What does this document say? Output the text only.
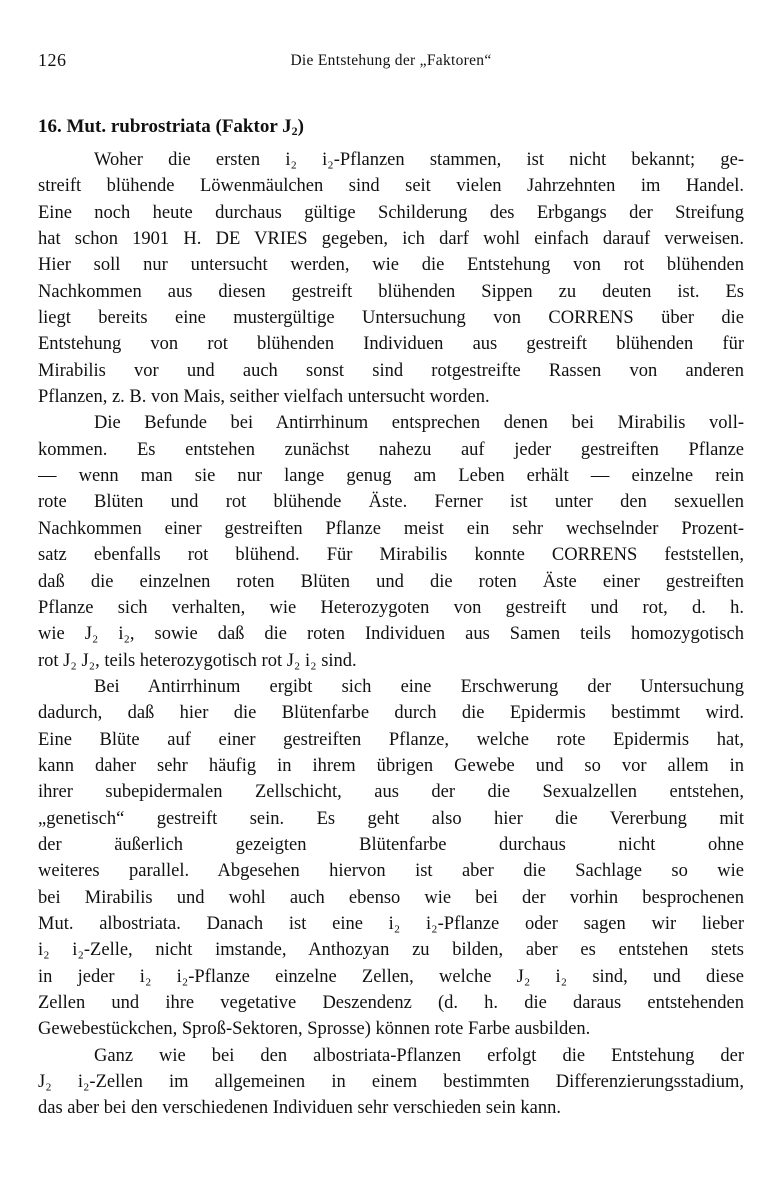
126	Die Entstehung der „Faktoren“
16. Mut. rubrostriata (Faktor $J_2$)
Woher die ersten i₂ i₂-Pflanzen stammen, ist nicht bekannt; ge-
streift blühende Löwenmäulchen sind seit vielen Jahrzehnten im Handel.
Eine noch heute durchaus gültige Schilderung des Erbgangs der Streifung
hat schon 1901 H. DE VRIES gegeben, ich darf wohl einfach darauf verweisen.
Hier soll nur untersucht werden, wie die Entstehung von rot blühenden
Nachkommen aus diesen gestreift blühenden Sippen zu deuten ist. Es
liegt bereits eine mustergültige Untersuchung von CORRENS über die
Entstehung von rot blühenden Individuen aus gestreift blühenden für
Mirabilis vor und auch sonst sind rotgestreifte Rassen von anderen
Pflanzen, z. B. von Mais, seither vielfach untersucht worden.
Die Befunde bei Antirrhinum entsprechen denen bei Mirabilis voll-
kommen. Es entstehen zunächst nahezu auf jeder gestreiften Pflanze
— wenn man sie nur lange genug am Leben erhält — einzelne rein
rote Blüten und rot blühende Äste. Ferner ist unter den sexuellen
Nachkommen einer gestreiften Pflanze meist ein sehr wechselnder Prozent-
satz ebenfalls rot blühend. Für Mirabilis konnte CORRENS feststellen,
daß die einzelnen roten Blüten und die roten Äste einer gestreiften
Pflanze sich verhalten, wie Heterozygoten von gestreift und rot, d. h.
wie J₂ i₂, sowie daß die roten Individuen aus Samen teils homozygotisch
rot J₂ J₂, teils heterozygotisch rot J₂ i₂ sind.
Bei Antirrhinum ergibt sich eine Erschwerung der Untersuchung
dadurch, daß hier die Blütenfarbe durch die Epidermis bestimmt wird.
Eine Blüte auf einer gestreiften Pflanze, welche rote Epidermis hat,
kann daher sehr häufig in ihrem übrigen Gewebe und so vor allem in
ihrer subepidermalen Zellschicht, aus der die Sexualzellen entstehen,
„genetisch“ gestreift sein. Es geht also hier die Vererbung mit
der äußerlich gezeigten Blütenfarbe durchaus nicht ohne
weiteres parallel. Abgesehen hiervon ist aber die Sachlage so wie
bei Mirabilis und wohl auch ebenso wie bei der vorhin besprochenen
Mut. albostriata. Danach ist eine i₂ i₂-Pflanze oder sagen wir lieber
i₂ i₂-Zelle, nicht imstande, Anthozyan zu bilden, aber es entstehen stets
in jeder i₂ i₂-Pflanze einzelne Zellen, welche J₂ i₂ sind, und diese
Zellen und ihre vegetative Deszendenz (d. h. die daraus entstehenden
Gewebestückchen, Sproß-Sektoren, Sprosse) können rote Farbe ausbilden.
Ganz wie bei den albostriata-Pflanzen erfolgt die Entstehung der
J₂ i₂-Zellen im allgemeinen in einem bestimmten Differenzierungsstadium,
das aber bei den verschiedenen Individuen sehr verschieden sein kann.
